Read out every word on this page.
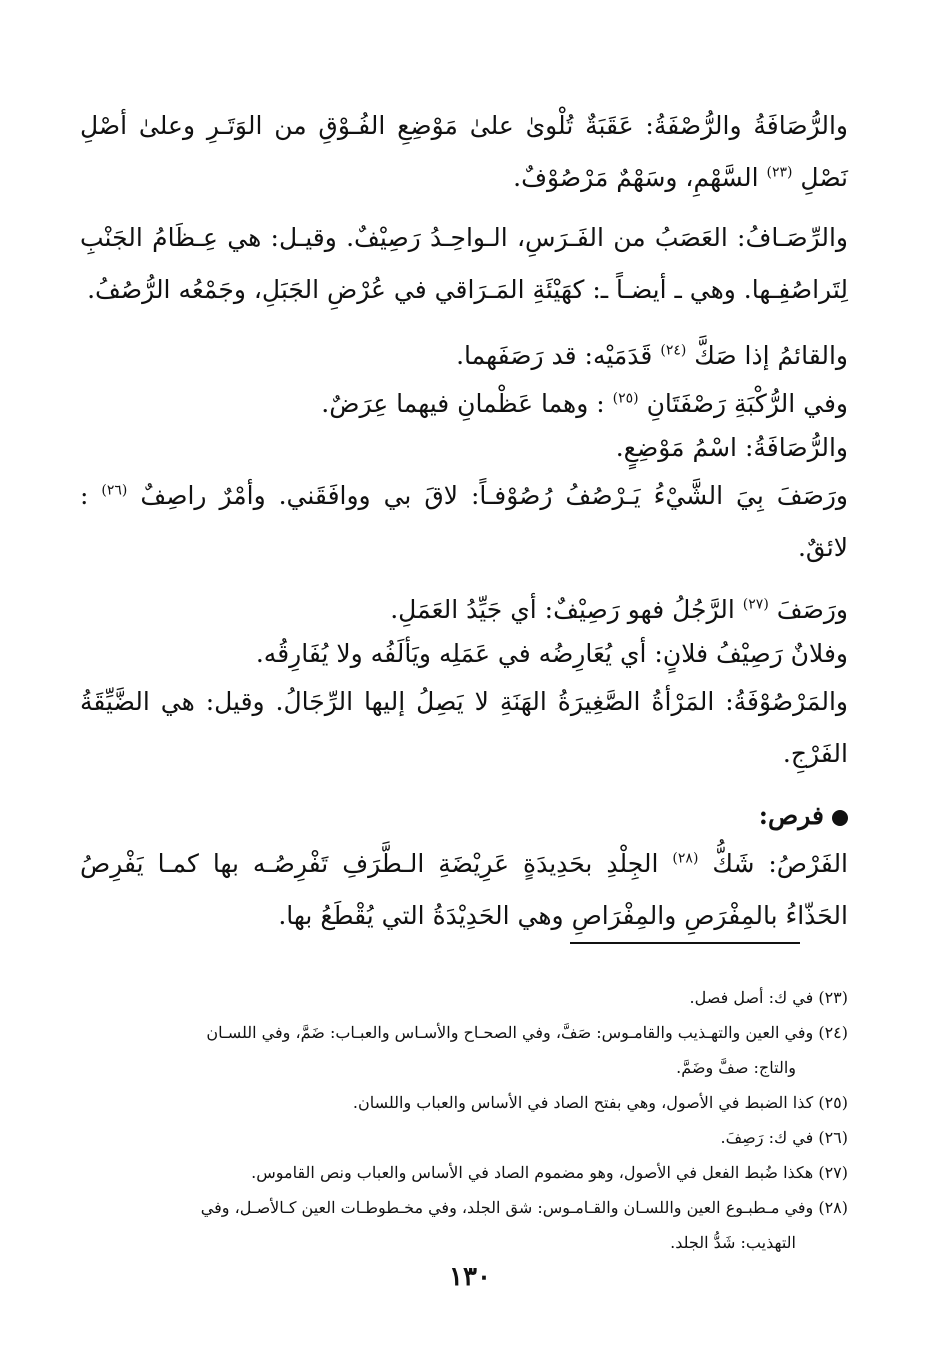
والرُّصَافَةُ والرُّصْفَةُ: عَقَبَةٌ تُلْوىٰ علىٰ مَوْضِعِ الفُـوْقِ من الوَتَـرِ وعلىٰ أصْلِ نَصْلِ $^{(٢٣)}$ السَّهْمِ، وسَهْمٌ مَرْصُوْفٌ.

والرِّصَـافُ: العَصَبُ من الفَـرَسِ، الـواحِـدُ رَصِيْفٌ. وقيـل: هي عِـظَامُ الجَنْبِ لِتَراصُفِـها. وهي ـ أيضـاً ـ: كهَيْئَةِ المَـرَاقي في عُرْضِ الجَبَلِ، وجَمْعُه الرُّصُفُ.

والقائمُ إذا صَكَّ $^{(٢٤)}$ قَدَمَيْه: قد رَصَفَهما.

وفي الرُّكْبَةِ رَصْفَتَانِ $^{(٢٥)}$ : وهما عَظْمانِ فيهما عِرَضٌ.

والرُّصَافَةُ: اسْمُ مَوْضِعٍ.

ورَصَفَ بِيَ الشَّيْءُ يَـرْصُفُ رُصُوْفـاً: لاقَ بي ووافَقَني. وأمْرٌ راصِفٌ $^{(٢٦)}$ : لائقٌ.

ورَصَفَ $^{(٢٧)}$ الرَّجُلُ فهو رَصِيْفٌ: أي جَيِّدُ العَمَلِ.

وفلانٌ رَصِيْفُ فلانٍ: أي يُعَارِضُه في عَمَلِه ويَألَفُه ولا يُفَارِقُه.

والمَرْصُوْفَةُ: المَرْأةُ الصَّغِيرَةُ الهَنَةِ لا يَصِلُ إليها الرِّجَالُ. وقيل: هي الضَّيِّقَةُ الفَرْجِ.

فرص:

الفَرْصُ: شَكُّ $^{(٢٨)}$ الجِلْدِ بحَدِيدَةٍ عَرِيْضَةِ الـطَّرَفِ تَفْرِصُـه بها كمـا يَفْرِصُ الحَذّاءُ بالمِفْرَصِ والمِفْرَاصِ وهي الحَدِيْدَةُ التي يُقْطَعُ بها.

(٢٣) في ك: أصل فصل.

(٢٤) وفي العين والتهـذيب والقامـوس: صَفَّ، وفي الصحـاح والأسـاس والعبـاب: ضَمَّ، وفي اللسـان
والتاج: صفَّ وضَمَّ.

(٢٥) كذا الضبط في الأصول، وهي بفتح الصاد في الأساس والعباب واللسان.

(٢٦) في ك: رَصِفَ.

(٢٧) هكذا ضُبط الفعل في الأصول، وهو مضموم الصاد في الأساس والعباب ونص القاموس.

(٢٨) وفي مـطبـوع العين واللسـان والقـامـوس: شق الجلد، وفي مخـطوطـات العين كـالأصـل، وفي
التهذيب: شَدُّ الجلد.

١٣٠
